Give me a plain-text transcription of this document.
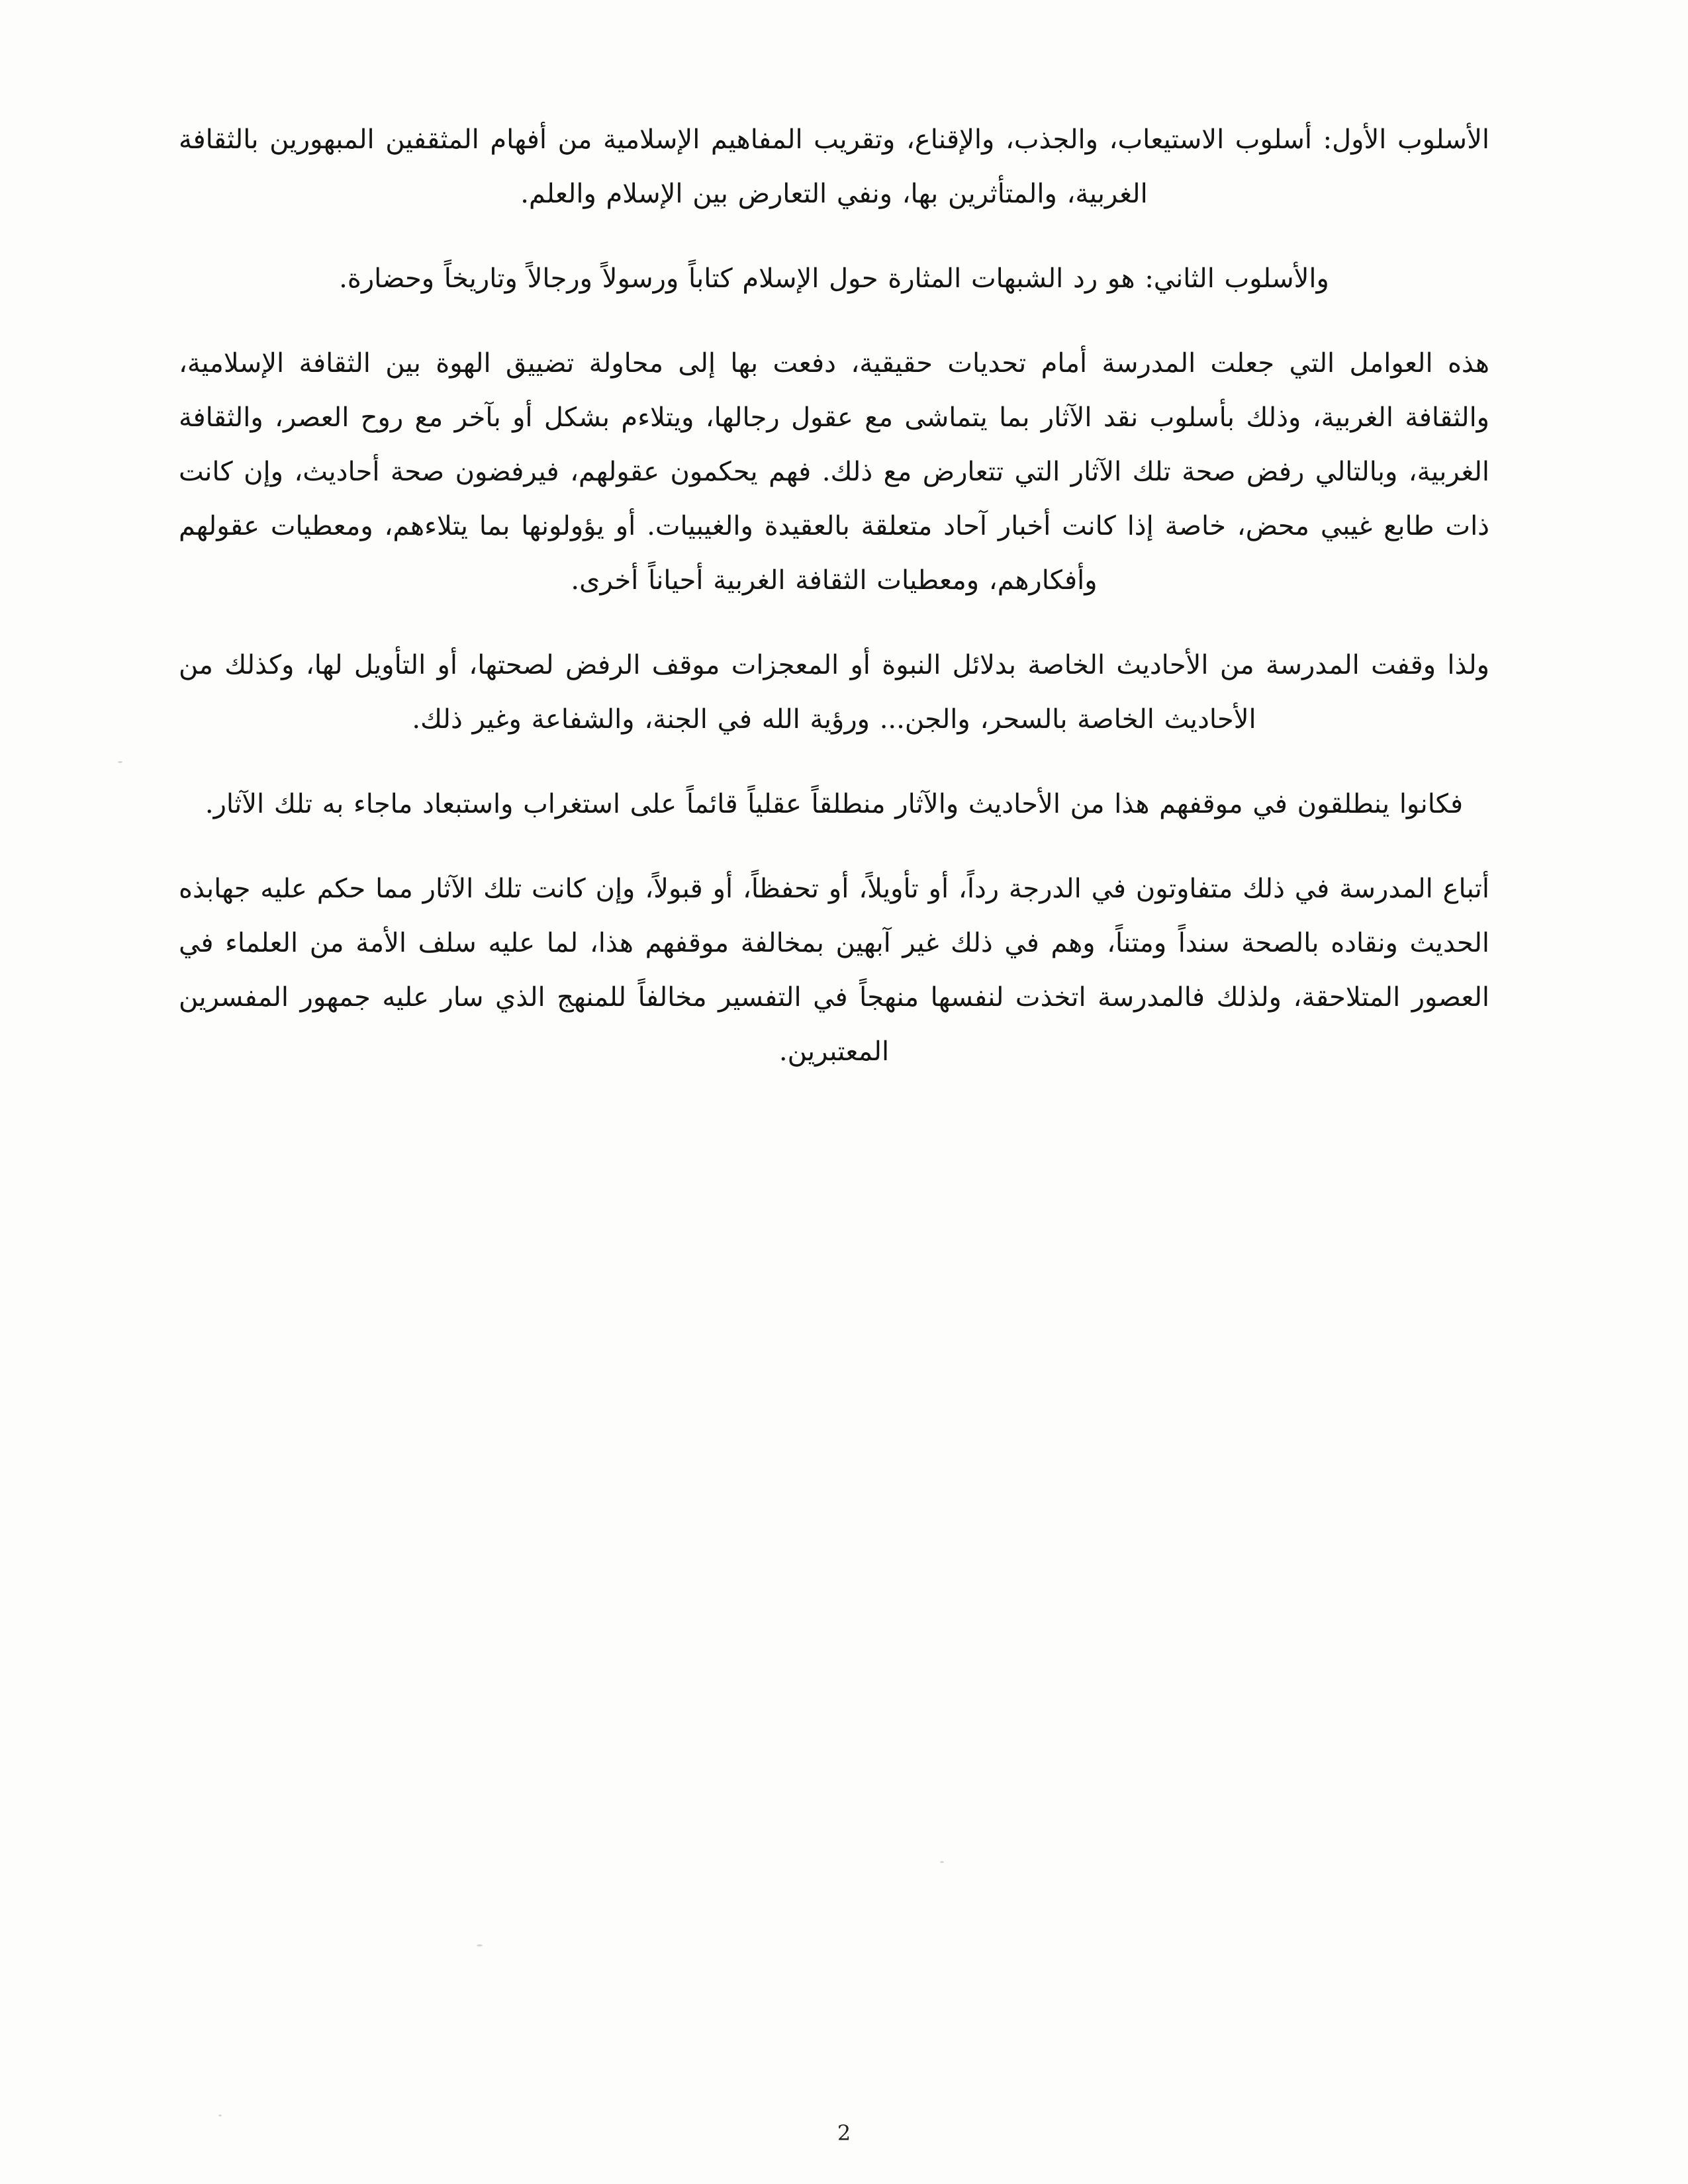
الأسلوب الأول: أسلوب الاستيعاب، والجذب، والإقناع، وتقريب المفاهيم الإسلامية من أفهام المثقفين المبهورين بالثقافة الغربية، والمتأثرين بها، ونفي التعارض بين الإسلام والعلم.

والأسلوب الثاني: هو رد الشبهات المثارة حول الإسلام كتاباً ورسولاً ورجالاً وتاريخاً وحضارة.

هذه العوامل التي جعلت المدرسة أمام تحديات حقيقية، دفعت بها إلى محاولة تضييق الهوة بين الثقافة الإسلامية، والثقافة الغربية، وذلك بأسلوب نقد الآثار بما يتماشى مع عقول رجالها، ويتلاءم بشكل أو بآخر مع روح العصر، والثقافة الغربية، وبالتالي رفض صحة تلك الآثار التي تتعارض مع ذلك. فهم يحكمون عقولهم، فيرفضون صحة أحاديث، وإن كانت ذات طابع غيبي محض، خاصة إذا كانت أخبار آحاد متعلقة بالعقيدة والغيبيات. أو يؤولونها بما يتلاءهم، ومعطيات عقولهم وأفكارهم، ومعطيات الثقافة الغربية أحياناً أخرى.

ولذا وقفت المدرسة من الأحاديث الخاصة بدلائل النبوة أو المعجزات موقف الرفض لصحتها، أو التأويل لها، وكذلك من الأحاديث الخاصة بالسحر، والجن... ورؤية الله في الجنة، والشفاعة وغير ذلك.

فكانوا ينطلقون في موقفهم هذا من الأحاديث والآثار منطلقاً عقلياً قائماً على استغراب واستبعاد ماجاء به تلك الآثار.

أتباع المدرسة في ذلك متفاوتون في الدرجة رداً، أو تأويلاً، أو تحفظاً، أو قبولاً، وإن كانت تلك الآثار مما حكم عليه جهابذه الحديث ونقاده بالصحة سنداً ومتناً، وهم في ذلك غير آبهين بمخالفة موقفهم هذا، لما عليه سلف الأمة من العلماء في العصور المتلاحقة، ولذلك فالمدرسة اتخذت لنفسها منهجاً في التفسير مخالفاً للمنهج الذي سار عليه جمهور المفسرين المعتبرين.

2
